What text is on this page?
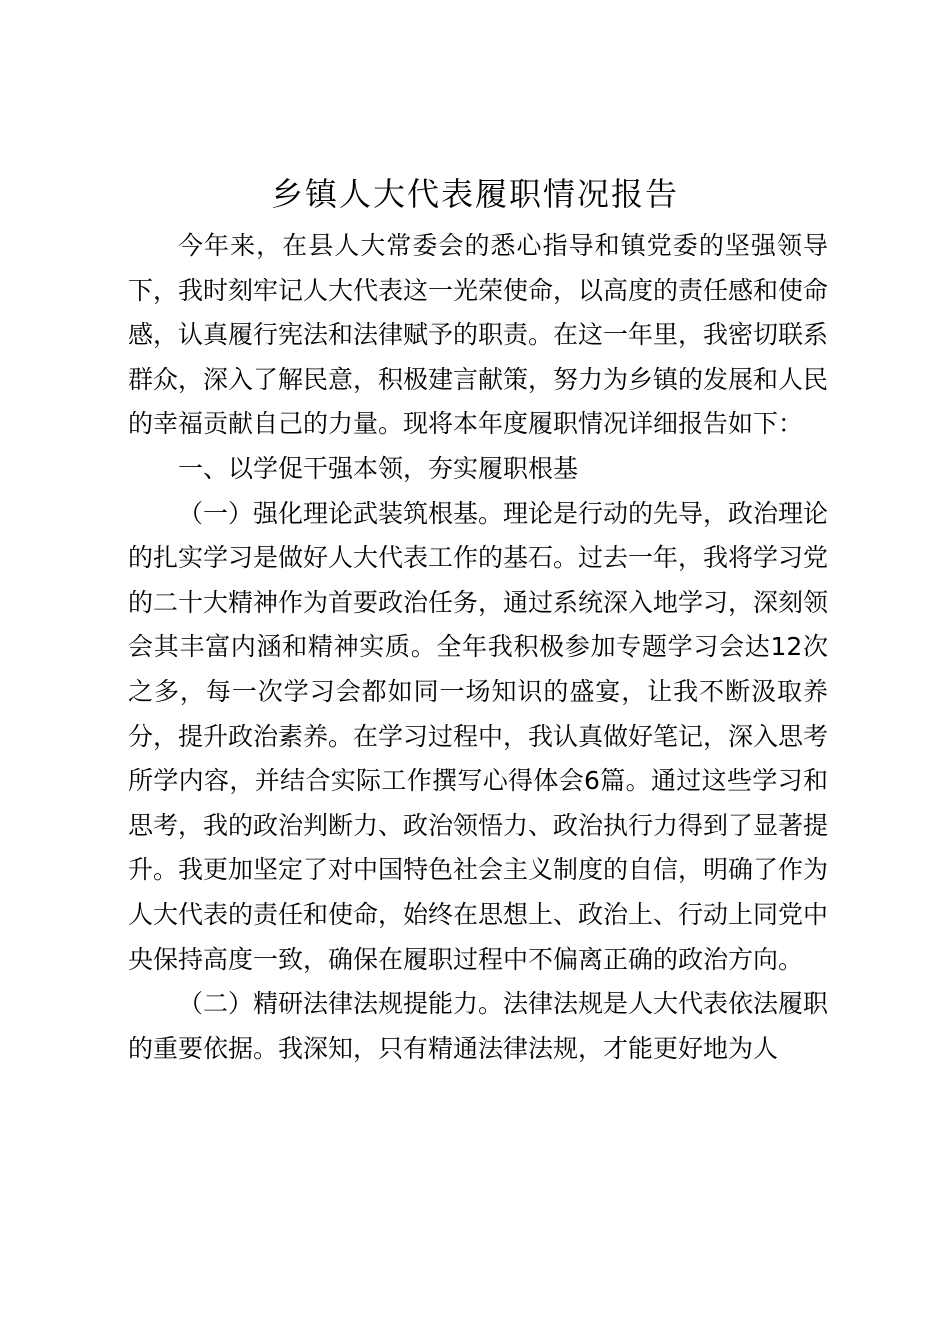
乡镇人大代表履职情况报告

今年来，在县人大常委会的悉心指导和镇党委的坚强领导下，我时刻牢记人大代表这一光荣使命，以高度的责任感和使命感，认真履行宪法和法律赋予的职责。在这一年里，我密切联系群众，深入了解民意，积极建言献策，努力为乡镇的发展和人民的幸福贡献自己的力量。现将本年度履职情况详细报告如下：

一、以学促干强本领，夯实履职根基

（一）强化理论武装筑根基。理论是行动的先导，政治理论的扎实学习是做好人大代表工作的基石。过去一年，我将学习党的二十大精神作为首要政治任务，通过系统深入地学习，深刻领会其丰富内涵和精神实质。全年我积极参加专题学习会达12次之多，每一次学习会都如同一场知识的盛宴，让我不断汲取养分，提升政治素养。在学习过程中，我认真做好笔记，深入思考所学内容，并结合实际工作撰写心得体会6篇。通过这些学习和思考，我的政治判断力、政治领悟力、政治执行力得到了显著提升。我更加坚定了对中国特色社会主义制度的自信，明确了作为人大代表的责任和使命，始终在思想上、政治上、行动上同党中央保持高度一致，确保在履职过程中不偏离正确的政治方向。

（二）精研法律法规提能力。法律法规是人大代表依法履职的重要依据。我深知，只有精通法律法规，才能更好地为人
